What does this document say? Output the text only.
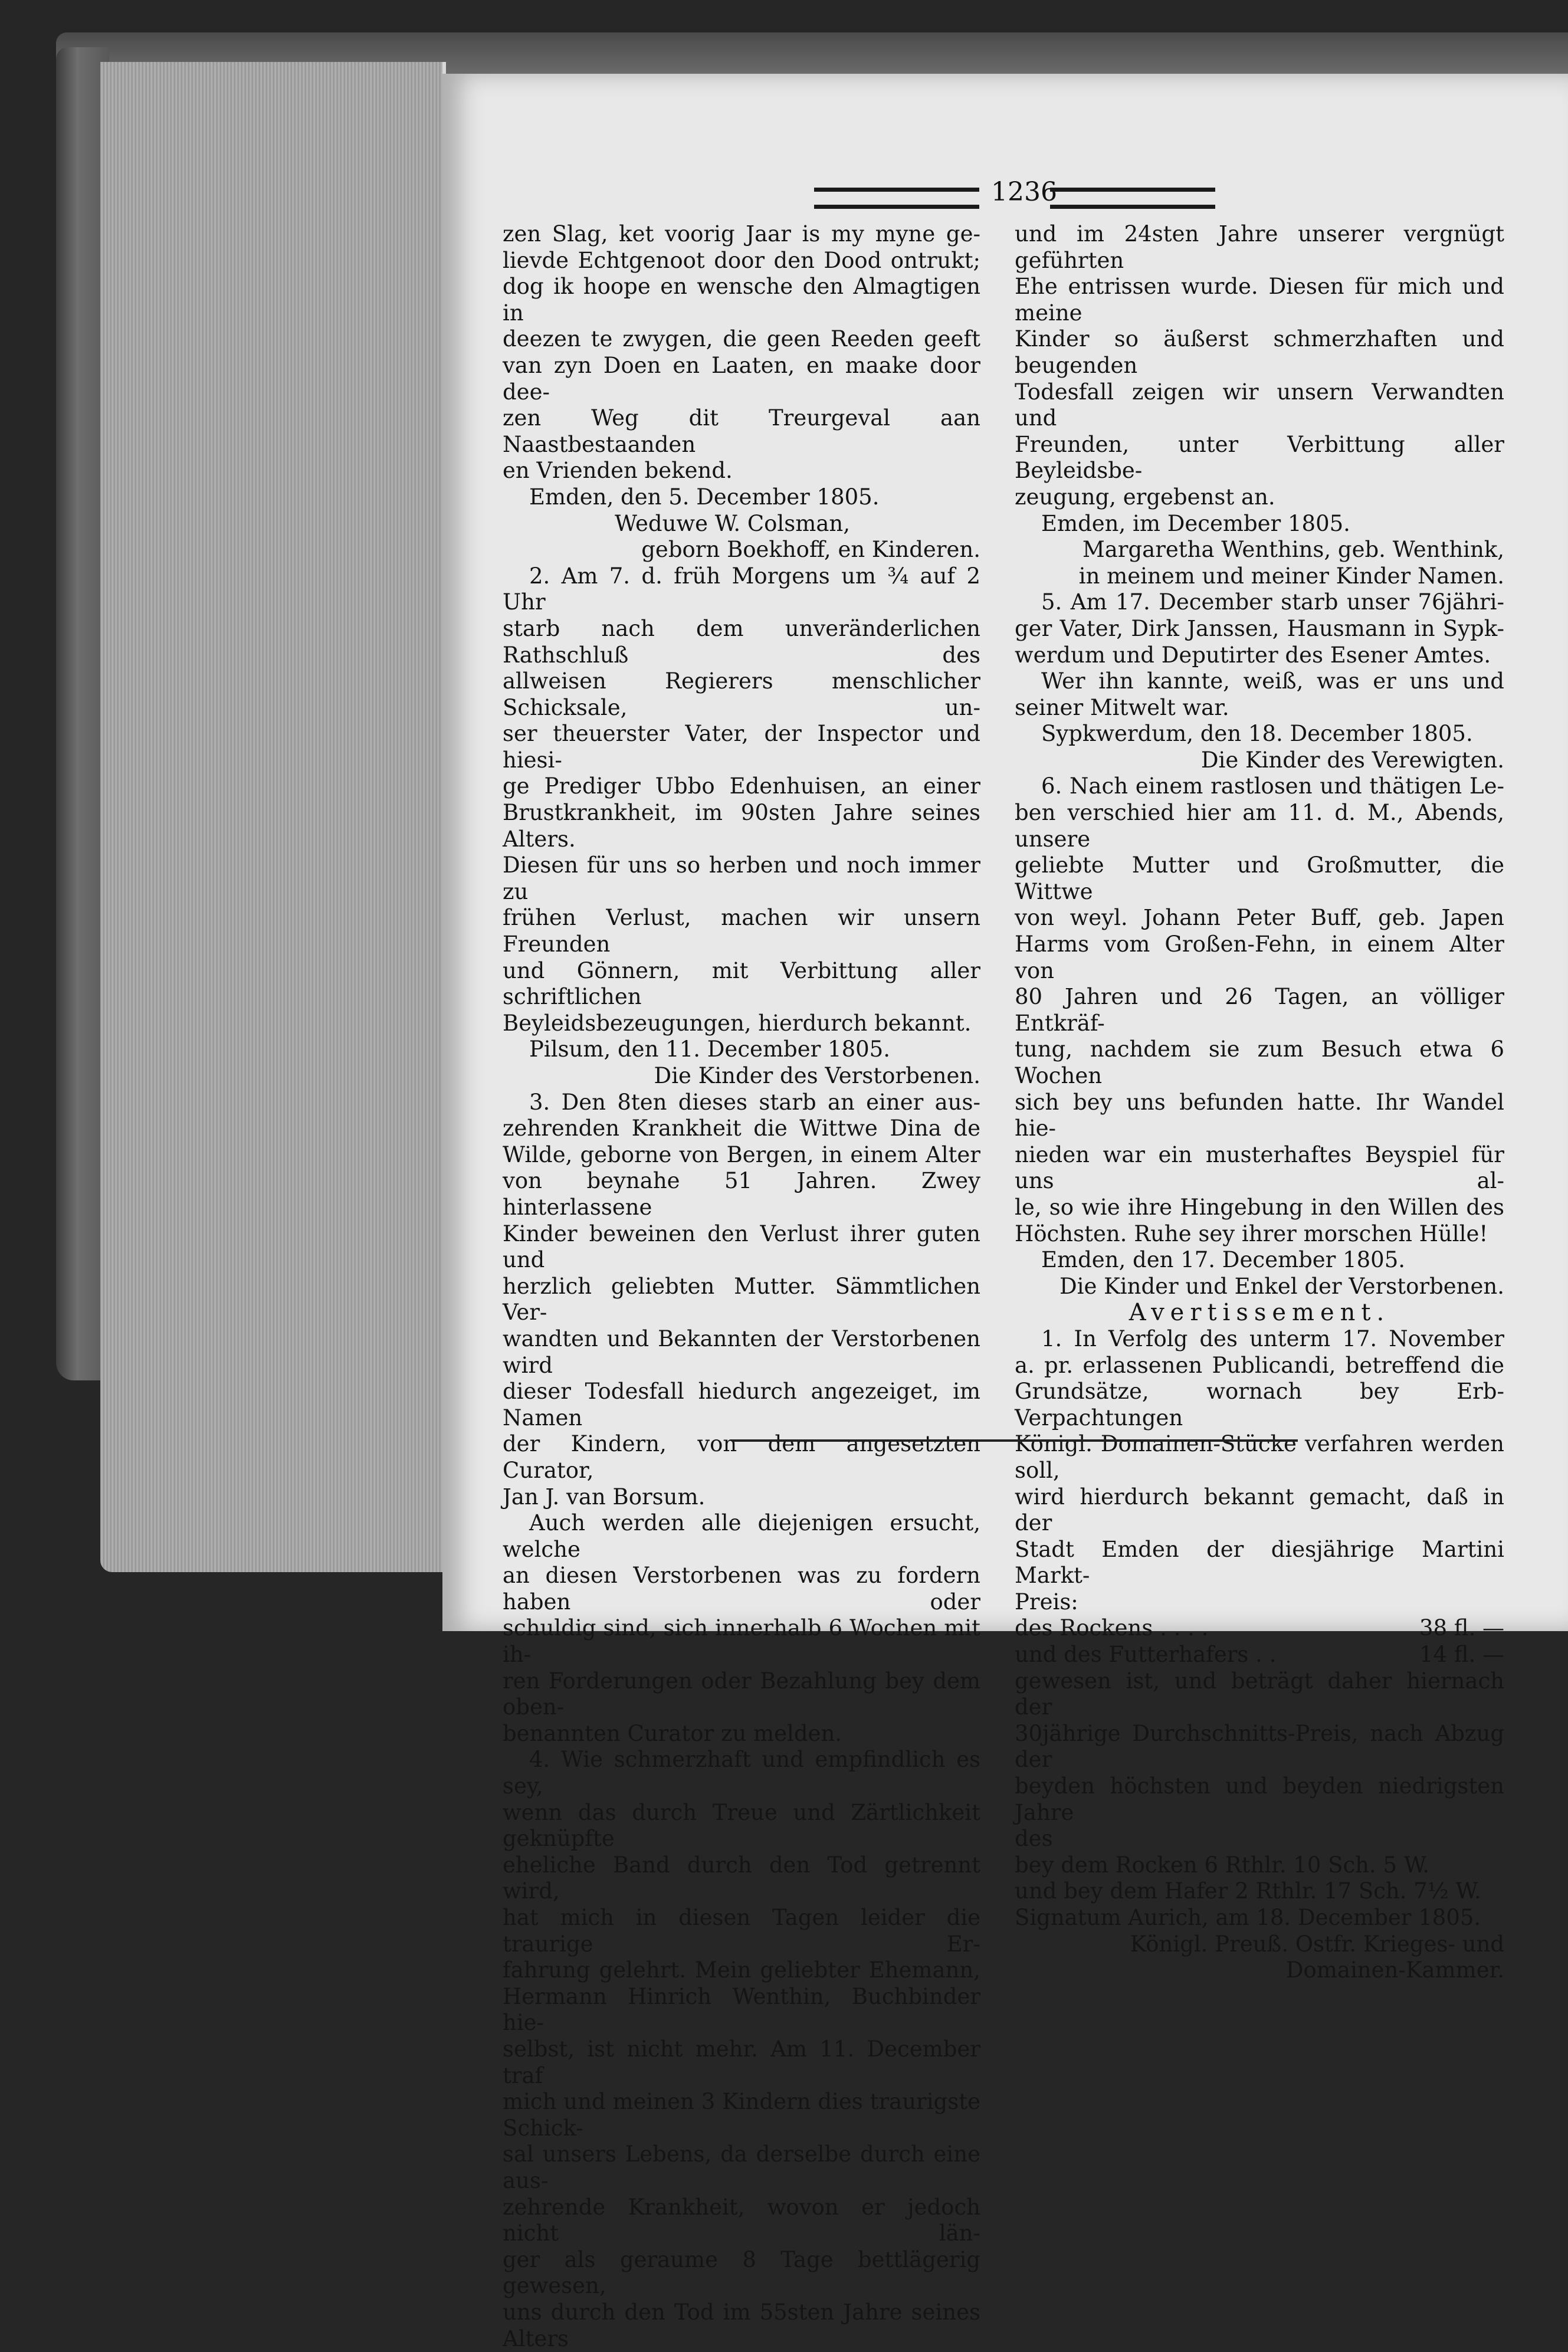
1236

zen Slag, ket voorig Jaar is my myne ge-

lievde Echtgenoot door den Dood ontrukt;

dog ik hoope en wensche den Almagtigen in

deezen te zwygen, die geen Reeden geeft

van zyn Doen en Laaten, en maake door dee-

zen Weg dit Treurgeval aan Naastbestaanden

en Vrienden bekend.

Emden, den 5. December 1805.

Weduwe W. Colsman,

geborn Boekhoff, en Kinderen.

2. Am 7. d. früh Morgens um ¾ auf 2 Uhr

starb nach dem unveränderlichen Rathschluß des

allweisen Regierers menschlicher Schicksale, un-

ser theuerster Vater, der Inspector und hiesi-

ge Prediger Ubbo Edenhuisen, an einer

Brustkrankheit, im 90sten Jahre seines Alters.

Diesen für uns so herben und noch immer zu

frühen Verlust, machen wir unsern Freunden

und Gönnern, mit Verbittung aller schriftlichen

Beyleidsbezeugungen, hierdurch bekannt.

Pilsum, den 11. December 1805.

Die Kinder des Verstorbenen.

3. Den 8ten dieses starb an einer aus-

zehrenden Krankheit die Wittwe Dina de

Wilde, geborne von Bergen, in einem Alter

von beynahe 51 Jahren. Zwey hinterlassene

Kinder beweinen den Verlust ihrer guten und

herzlich geliebten Mutter. Sämmtlichen Ver-

wandten und Bekannten der Verstorbenen wird

dieser Todesfall hiedurch angezeiget, im Namen

der Kindern, von dem angesetzten Curator,

Jan J. van Borsum.

Auch werden alle diejenigen ersucht, welche

an diesen Verstorbenen was zu fordern haben oder

schuldig sind, sich innerhalb 6 Wochen mit ih-

ren Forderungen oder Bezahlung bey dem oben-

benannten Curator zu melden.

4. Wie schmerzhaft und empfindlich es sey,

wenn das durch Treue und Zärtlichkeit geknüpfte

eheliche Band durch den Tod getrennt wird,

hat mich in diesen Tagen leider die traurige Er-

fahrung gelehrt. Mein geliebter Ehemann,

Hermann Hinrich Wenthin, Buchbinder hie-

selbst, ist nicht mehr. Am 11. December traf

mich und meinen 3 Kindern dies traurigste Schick-

sal unsers Lebens, da derselbe durch eine aus-

zehrende Krankheit, wovon er jedoch nicht län-

ger als geraume 8 Tage bettlägerig gewesen,

uns durch den Tod im 55sten Jahre seines Alters

und im 24sten Jahre unserer vergnügt geführten

Ehe entrissen wurde. Diesen für mich und meine

Kinder so äußerst schmerzhaften und beugenden

Todesfall zeigen wir unsern Verwandten und

Freunden, unter Verbittung aller Beyleidsbe-

zeugung, ergebenst an.

Emden, im December 1805.

Margaretha Wenthins, geb. Wenthink,

in meinem und meiner Kinder Namen.

5. Am 17. December starb unser 76jähri-

ger Vater, Dirk Janssen, Hausmann in Sypk-

werdum und Deputirter des Esener Amtes.

Wer ihn kannte, weiß, was er uns und

seiner Mitwelt war.

Sypkwerdum, den 18. December 1805.

Die Kinder des Verewigten.

6. Nach einem rastlosen und thätigen Le-

ben verschied hier am 11. d. M., Abends, unsere

geliebte Mutter und Großmutter, die Wittwe

von weyl. Johann Peter Buff, geb. Japen

Harms vom Großen-Fehn, in einem Alter von

80 Jahren und 26 Tagen, an völliger Entkräf-

tung, nachdem sie zum Besuch etwa 6 Wochen

sich bey uns befunden hatte. Ihr Wandel hie-

nieden war ein musterhaftes Beyspiel für uns al-

le, so wie ihre Hingebung in den Willen des

Höchsten. Ruhe sey ihrer morschen Hülle!

Emden, den 17. December 1805.

Die Kinder und Enkel der Verstorbenen.

Avertissement.

1. In Verfolg des unterm 17. November

a. pr. erlassenen Publicandi, betreffend die

Grundsätze, wornach bey Erb-Verpachtungen

Königl. Domainen-Stücke verfahren werden soll,

wird hierdurch bekannt gemacht, daß in der

Stadt Emden der diesjährige Martini Markt-

Preis:

des Rockens . . . .	38 fl. —
und des Futterhafers . .	14 fl. —

gewesen ist, und beträgt daher hiernach der

30jährige Durchschnitts-Preis, nach Abzug der

beyden höchsten und beyden niedrigsten Jahre

des

bey dem Rocken 6 Rthlr. 10 Sch. 5 W.

und bey dem Hafer 2 Rthlr. 17 Sch. 7½ W.

Signatum Aurich, am 18. December 1805.

Königl. Preuß. Ostfr. Krieges- und

Domainen-Kammer.
